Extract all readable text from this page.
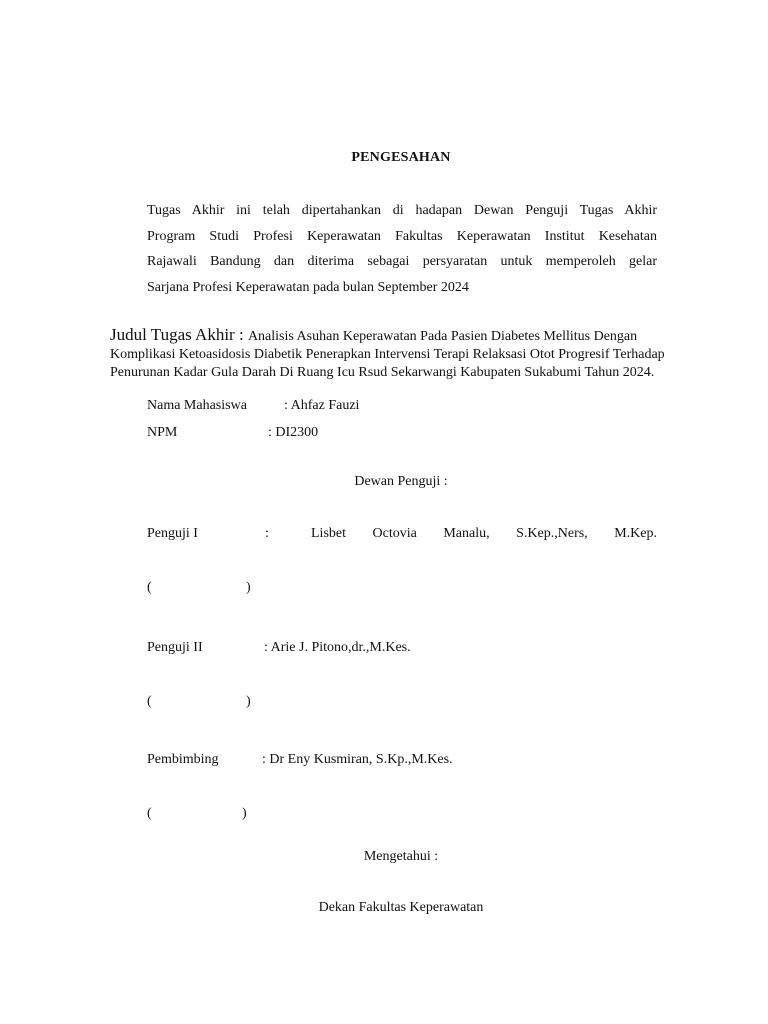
PENGESAHAN
Tugas Akhir ini telah dipertahankan di hadapan Dewan Penguji Tugas Akhir
Program Studi Profesi Keperawatan Fakultas Keperawatan Institut Kesehatan
Rajawali Bandung dan diterima sebagai persyaratan untuk memperoleh gelar
Sarjana Profesi Keperawatan pada bulan September 2024
Judul Tugas Akhir : Analisis Asuhan Keperawatan Pada Pasien Diabetes Mellitus Dengan Komplikasi Ketoasidosis Diabetik Penerapkan Intervensi Terapi Relaksasi Otot Progresif Terhadap Penurunan Kadar Gula Darah Di Ruang Icu Rsud Sekarwangi Kabupaten Sukabumi Tahun 2024.
Nama Mahasiswa	: Ahfaz Fauzi
NPM	: DI2300
Dewan Penguji :
Penguji I	:	Lisbet Octovia Manalu, S.Kep.,Ners, M.Kep.
(	)
Penguji II	: Arie J. Pitono,dr.,M.Kes.
(	)
Pembimbing	: Dr Eny Kusmiran, S.Kp.,M.Kes.
(	)
Mengetahui :
Dekan Fakultas Keperawatan
